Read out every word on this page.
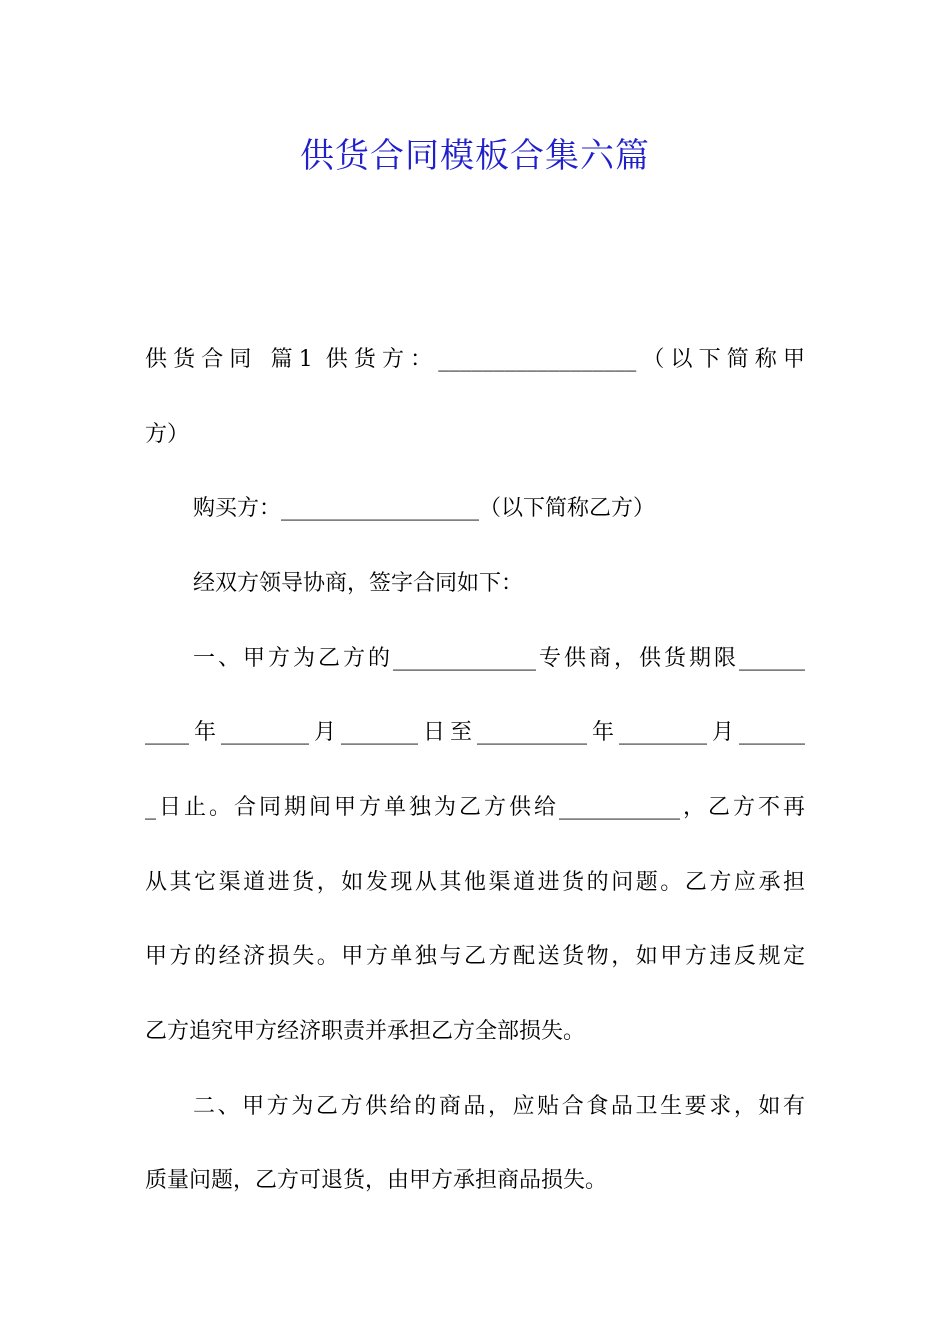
供货合同模板合集六篇
供货合同 篇1 供货方：__________________（以下简称甲
方）
购买方：__________________（以下简称乙方）
经双方领导协商，签字合同如下：
一、甲方为乙方的_____________专供商，供货期限______
____年________月_______日至__________年________月______
_日止。合同期间甲方单独为乙方供给___________，乙方不再
从其它渠道进货，如发现从其他渠道进货的问题。乙方应承担
甲方的经济损失。甲方单独与乙方配送货物，如甲方违反规定
乙方追究甲方经济职责并承担乙方全部损失。
二、甲方为乙方供给的商品，应贴合食品卫生要求，如有
质量问题，乙方可退货，由甲方承担商品损失。
